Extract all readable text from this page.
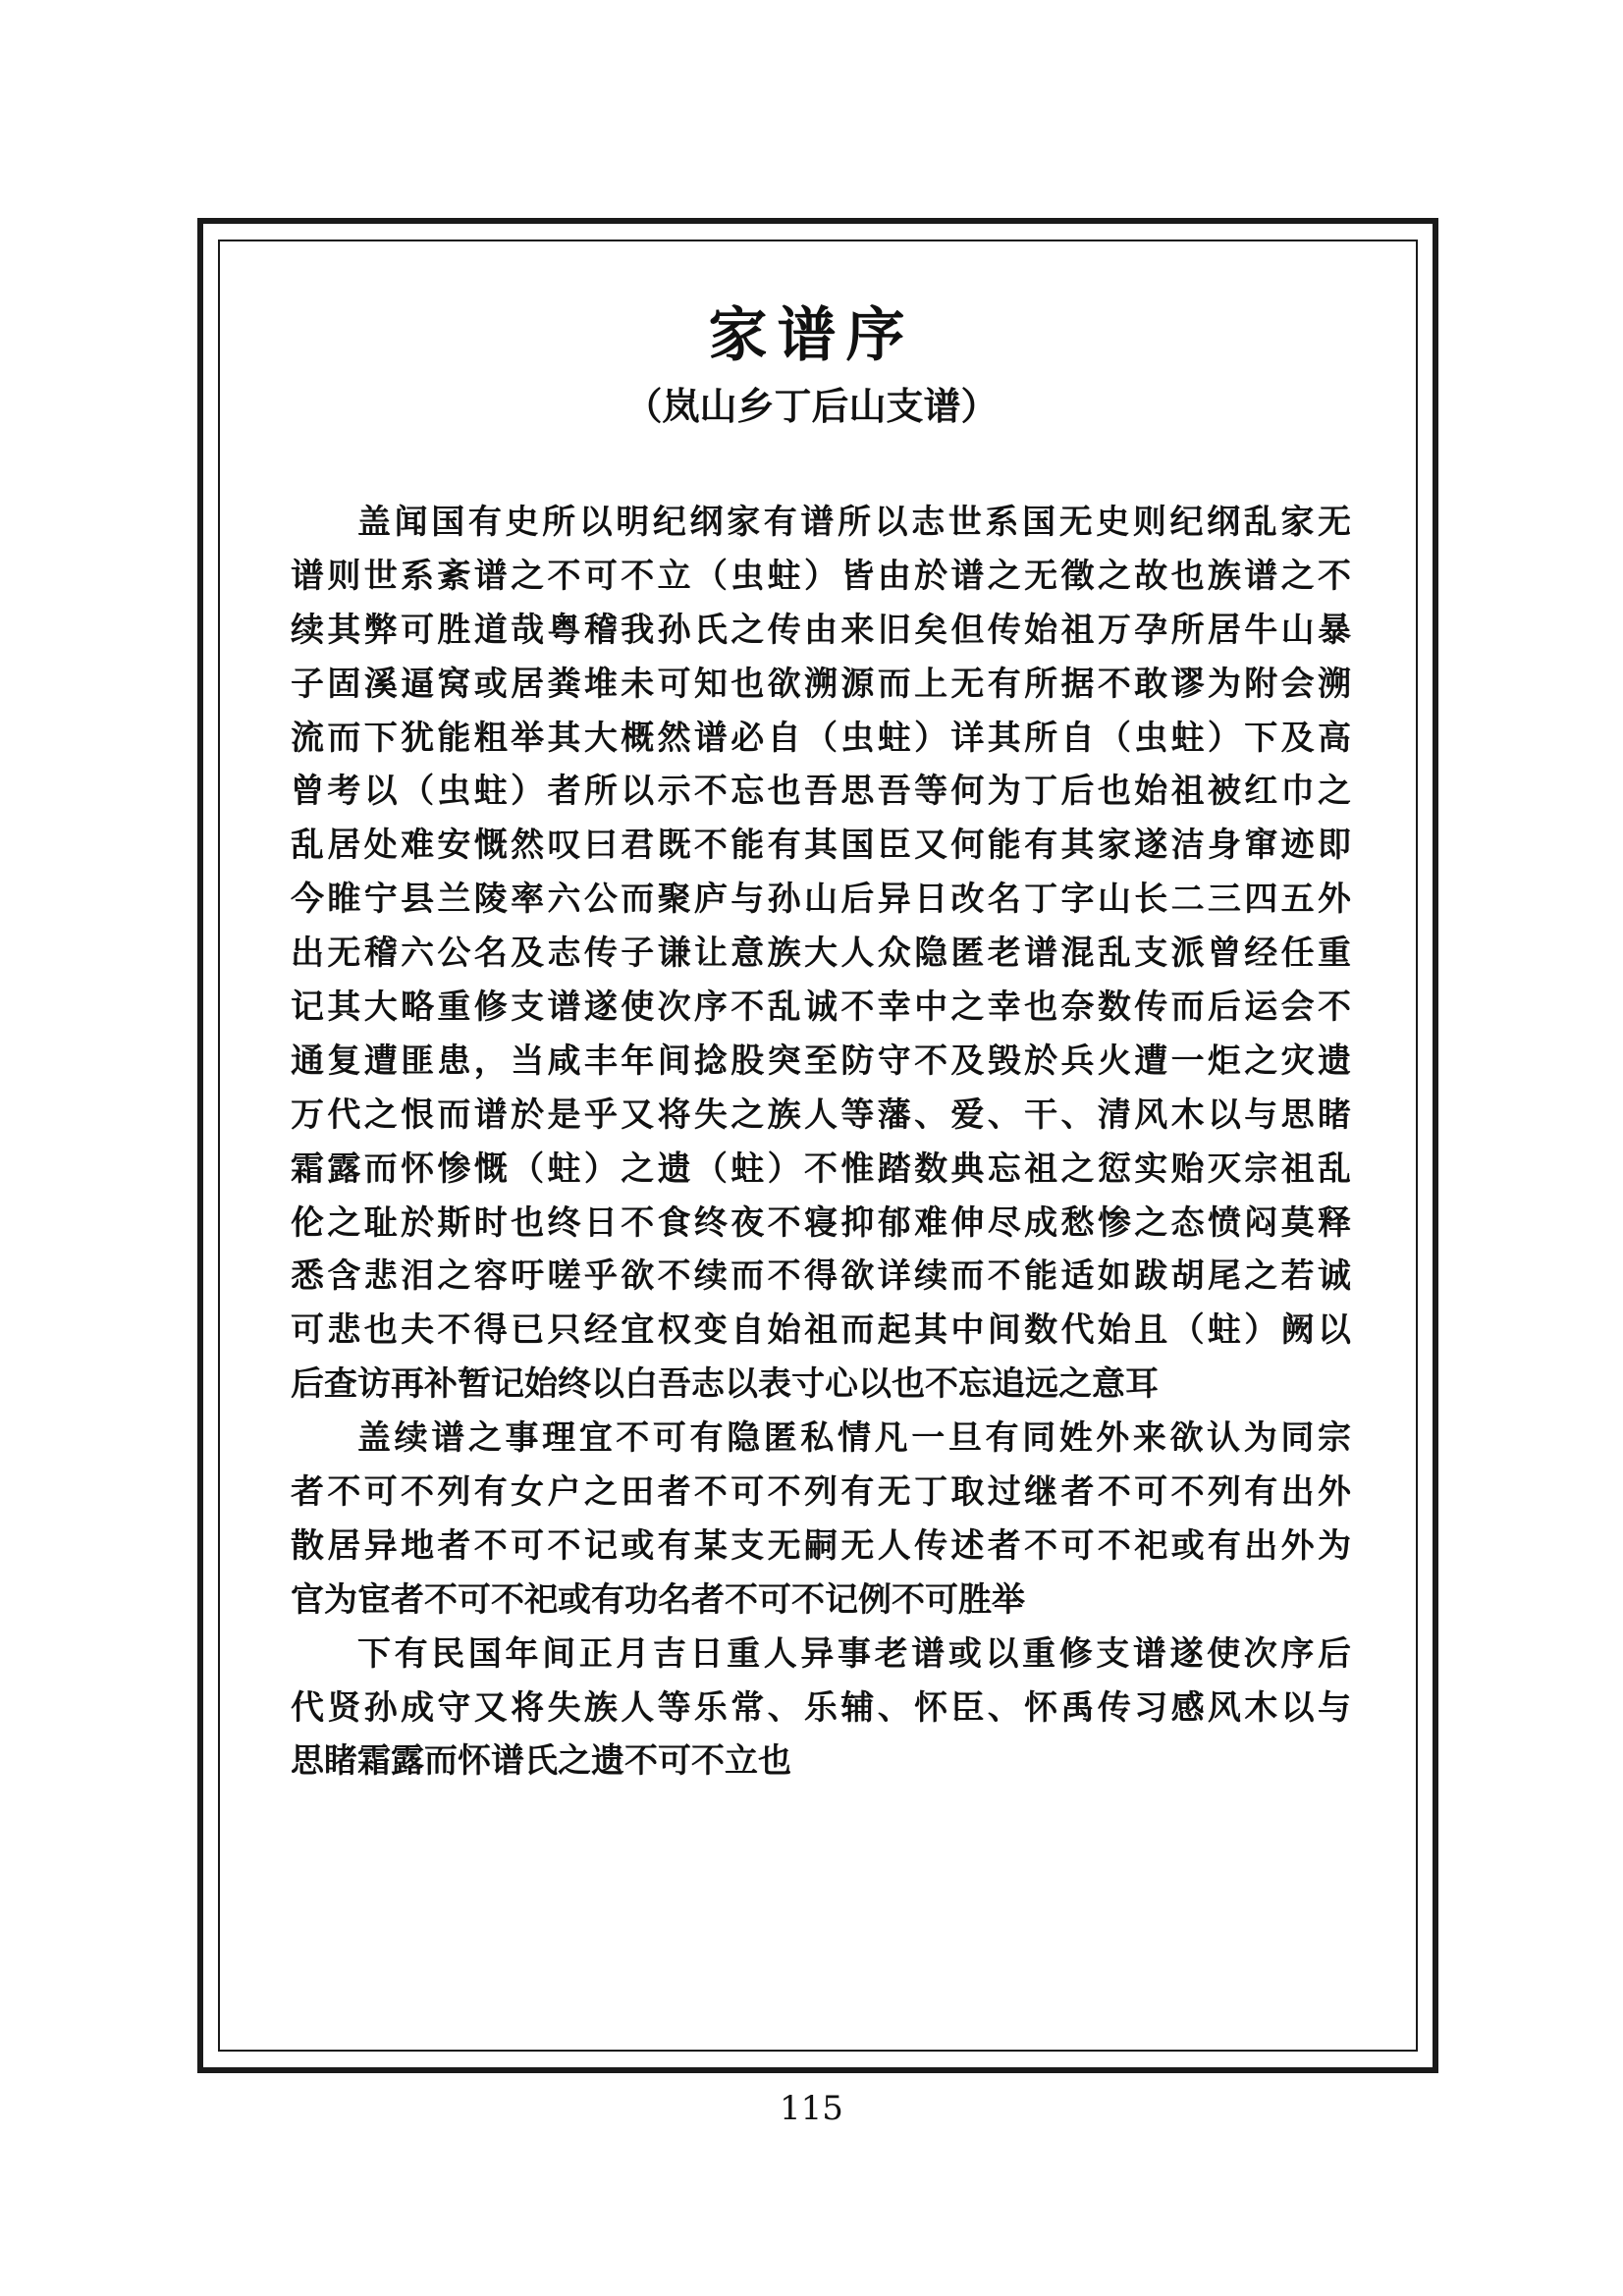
家谱序
（岚山乡丁后山支谱）
盖闻国有史所以明纪纲家有谱所以志世系国无史则纪纲乱家无
谱则世系紊谱之不可不立（虫蛀）皆由於谱之无徵之故也族谱之不
续其弊可胜道哉粤稽我孙氏之传由来旧矣但传始祖万孕所居牛山暴
子固溪逼窝或居粪堆未可知也欲溯源而上无有所据不敢谬为附会溯
流而下犹能粗举其大概然谱必自（虫蛀）详其所自（虫蛀）下及高
曾考以（虫蛀）者所以示不忘也吾思吾等何为丁后也始祖被红巾之
乱居处难安慨然叹曰君既不能有其国臣又何能有其家遂洁身窜迹即
今睢宁县兰陵率六公而聚庐与孙山后异日改名丁字山长二三四五外
出无稽六公名及志传子谦让意族大人众隐匿老谱混乱支派曾经任重
记其大略重修支谱遂使次序不乱诚不幸中之幸也奈数传而后运会不
通复遭匪患，当咸丰年间捻股突至防守不及毁於兵火遭一炬之灾遗
万代之恨而谱於是乎又将失之族人等藩、爱、干、清风木以与思睹
霜露而怀惨慨（蛀）之遗（蛀）不惟踏数典忘祖之愆实贻灭宗祖乱
伦之耻於斯时也终日不食终夜不寝抑郁难伸尽成愁惨之态愤闷莫释
悉含悲泪之容吁嗟乎欲不续而不得欲详续而不能适如跋胡尾之若诚
可悲也夫不得已只经宜权变自始祖而起其中间数代始且（蛀）阙以
后查访再补暂记始终以白吾志以表寸心以也不忘追远之意耳
盖续谱之事理宜不可有隐匿私情凡一旦有同姓外来欲认为同宗
者不可不列有女户之田者不可不列有无丁取过继者不可不列有出外
散居异地者不可不记或有某支无嗣无人传述者不可不祀或有出外为
官为宦者不可不祀或有功名者不可不记例不可胜举
下有民国年间正月吉日重人异事老谱或以重修支谱遂使次序后
代贤孙成守又将失族人等乐常、乐辅、怀臣、怀禹传习感风木以与
思睹霜露而怀谱氏之遗不可不立也
115
